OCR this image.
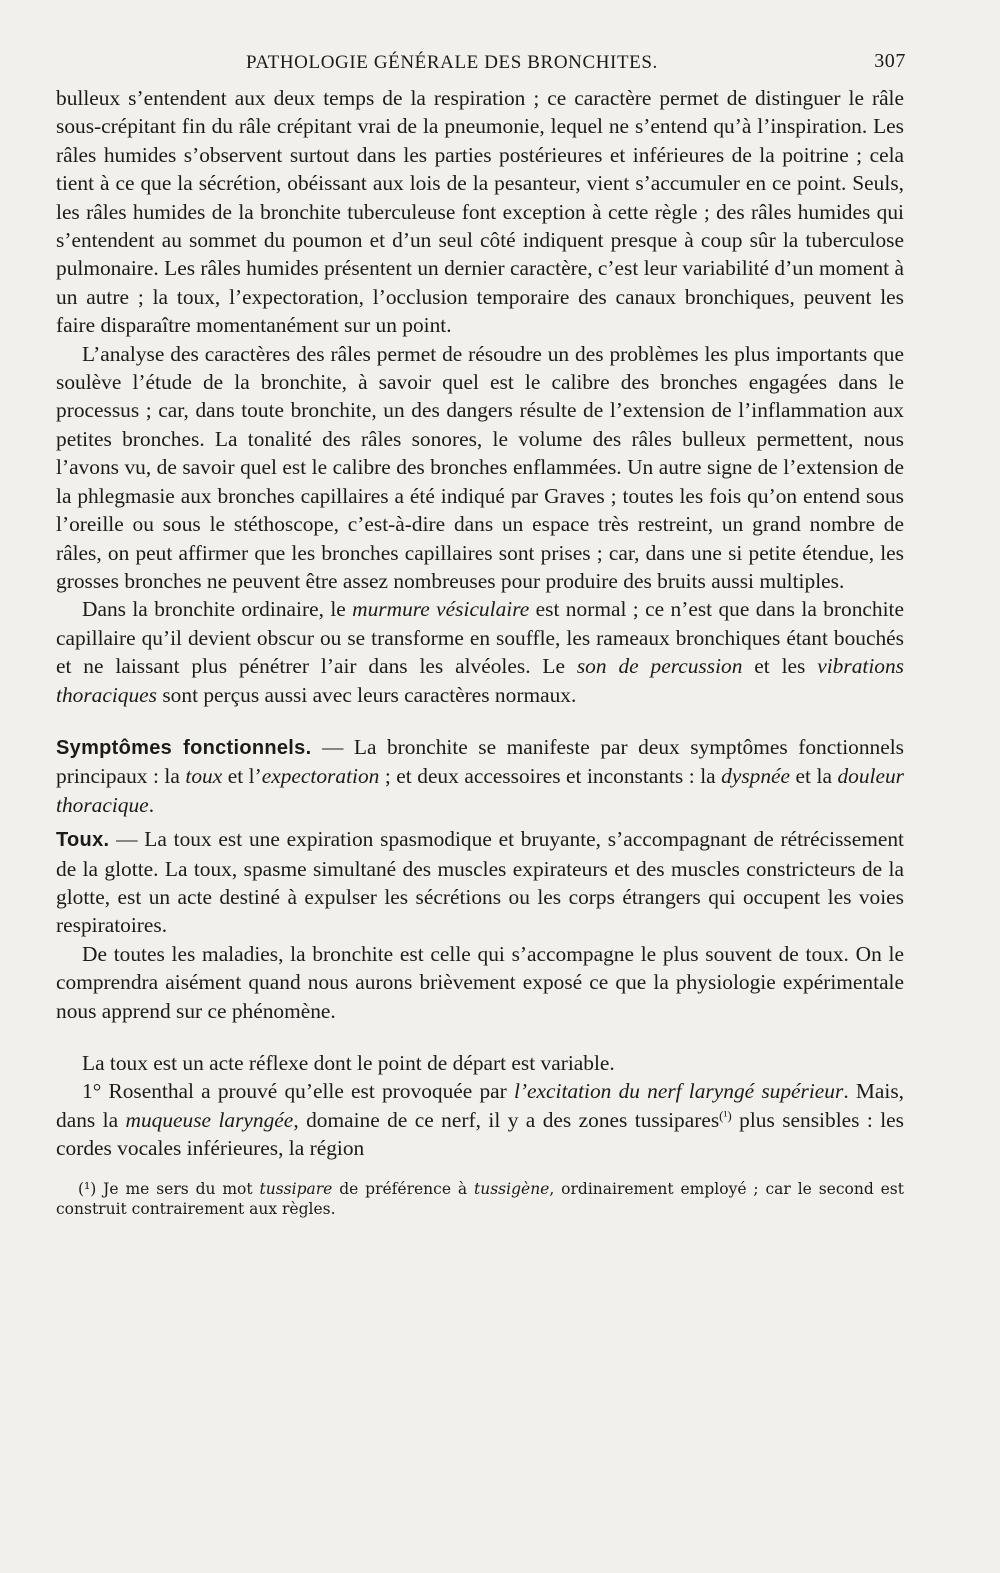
PATHOLOGIE GÉNÉRALE DES BRONCHITES.	307

bulleux s’entendent aux deux temps de la respiration ; ce caractère permet de distinguer le râle sous-crépitant fin du râle crépitant vrai de la pneumonie, lequel ne s’entend qu’à l’inspiration. Les râles humides s’observent surtout dans les parties postérieures et inférieures de la poitrine ; cela tient à ce que la sécrétion, obéissant aux lois de la pesanteur, vient s’accumuler en ce point. Seuls, les râles humides de la bronchite tuberculeuse font exception à cette règle ; des râles humides qui s’entendent au sommet du poumon et d’un seul côté indiquent presque à coup sûr la tuberculose pulmonaire. Les râles humides présentent un dernier caractère, c’est leur variabilité d’un moment à un autre ; la toux, l’expectoration, l’occlusion temporaire des canaux bronchiques, peuvent les faire disparaître momentanément sur un point.

L’analyse des caractères des râles permet de résoudre un des problèmes les plus importants que soulève l’étude de la bronchite, à savoir quel est le calibre des bronches engagées dans le processus ; car, dans toute bronchite, un des dangers résulte de l’extension de l’inflammation aux petites bronches. La tonalité des râles sonores, le volume des râles bulleux permettent, nous l’avons vu, de savoir quel est le calibre des bronches enflammées. Un autre signe de l’extension de la phlegmasie aux bronches capillaires a été indiqué par Graves ; toutes les fois qu’on entend sous l’oreille ou sous le stéthoscope, c’est-à-dire dans un espace très restreint, un grand nombre de râles, on peut affirmer que les bronches capillaires sont prises ; car, dans une si petite étendue, les grosses bronches ne peuvent être assez nombreuses pour produire des bruits aussi multiples.

Dans la bronchite ordinaire, le murmure vésiculaire est normal ; ce n’est que dans la bronchite capillaire qu’il devient obscur ou se transforme en souffle, les rameaux bronchiques étant bouchés et ne laissant plus pénétrer l’air dans les alvéoles. Le son de percussion et les vibrations thoraciques sont perçus aussi avec leurs caractères normaux.

Symptômes fonctionnels. — La bronchite se manifeste par deux symptômes fonctionnels principaux : la toux et l’expectoration ; et deux accessoires et inconstants : la dyspnée et la douleur thoracique.

Toux. — La toux est une expiration spasmodique et bruyante, s’accompagnant de rétrécissement de la glotte. La toux, spasme simultané des muscles expirateurs et des muscles constricteurs de la glotte, est un acte destiné à expulser les sécrétions ou les corps étrangers qui occupent les voies respiratoires.

De toutes les maladies, la bronchite est celle qui s’accompagne le plus souvent de toux. On le comprendra aisément quand nous aurons brièvement exposé ce que la physiologie expérimentale nous apprend sur ce phénomène.

La toux est un acte réflexe dont le point de départ est variable.

1° Rosenthal a prouvé qu’elle est provoquée par l’excitation du nerf laryngé supérieur. Mais, dans la muqueuse laryngée, domaine de ce nerf, il y a des zones tussipares$^{(^1)}$ plus sensibles : les cordes vocales inférieures, la région

(¹) Je me sers du mot tussipare de préférence à tussigène, ordinairement employé ; car le second est construit contrairement aux règles.
